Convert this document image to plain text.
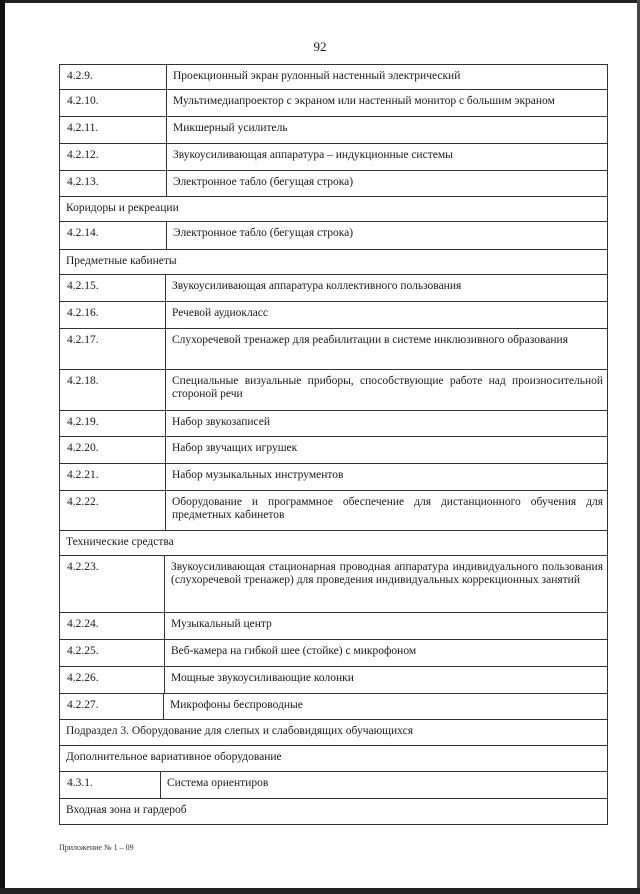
92
4.2.9.	Проекционный экран рулонный настенный электрический
4.2.10.	Мультимедиапроектор с экраном или настенный монитор с большим экраном
4.2.11.	Микшерный усилитель
4.2.12.	Звукоусиливающая аппаратура – индукционные системы
4.2.13.	Электронное табло (бегущая строка)
Коридоры и рекреации
4.2.14.	Электронное табло (бегущая строка)
Предметные кабинеты
4.2.15.	Звукоусиливающая аппаратура коллективного пользования
4.2.16.	Речевой аудиокласс
4.2.17.	Слухоречевой тренажер для реабилитации в системе инклюзивного образования
4.2.18.	Специальные визуальные приборы, способствующие работе над произносительной стороной речи
4.2.19.	Набор звукозаписей
4.2.20.	Набор звучащих игрушек
4.2.21.	Набор музыкальных инструментов
4.2.22.	Оборудование и программное обеспечение для дистанционного обучения для предметных кабинетов
Технические средства
4.2.23.	Звукоусиливающая стационарная проводная аппаратура индивидуального пользования (слухоречевой тренажер) для проведения индивидуальных коррекционных занятий
4.2.24.	Музыкальный центр
4.2.25.	Веб-камера на гибкой шее (стойке) с микрофоном
4.2.26.	Мощные звукоусиливающие колонки
4.2.27.	Микрофоны беспроводные
Подраздел 3. Оборудование для слепых и слабовидящих обучающихся
Дополнительное вариативное оборудование
4.3.1.	Система ориентиров
Входная зона и гардероб
Приложение № 1 – 09
